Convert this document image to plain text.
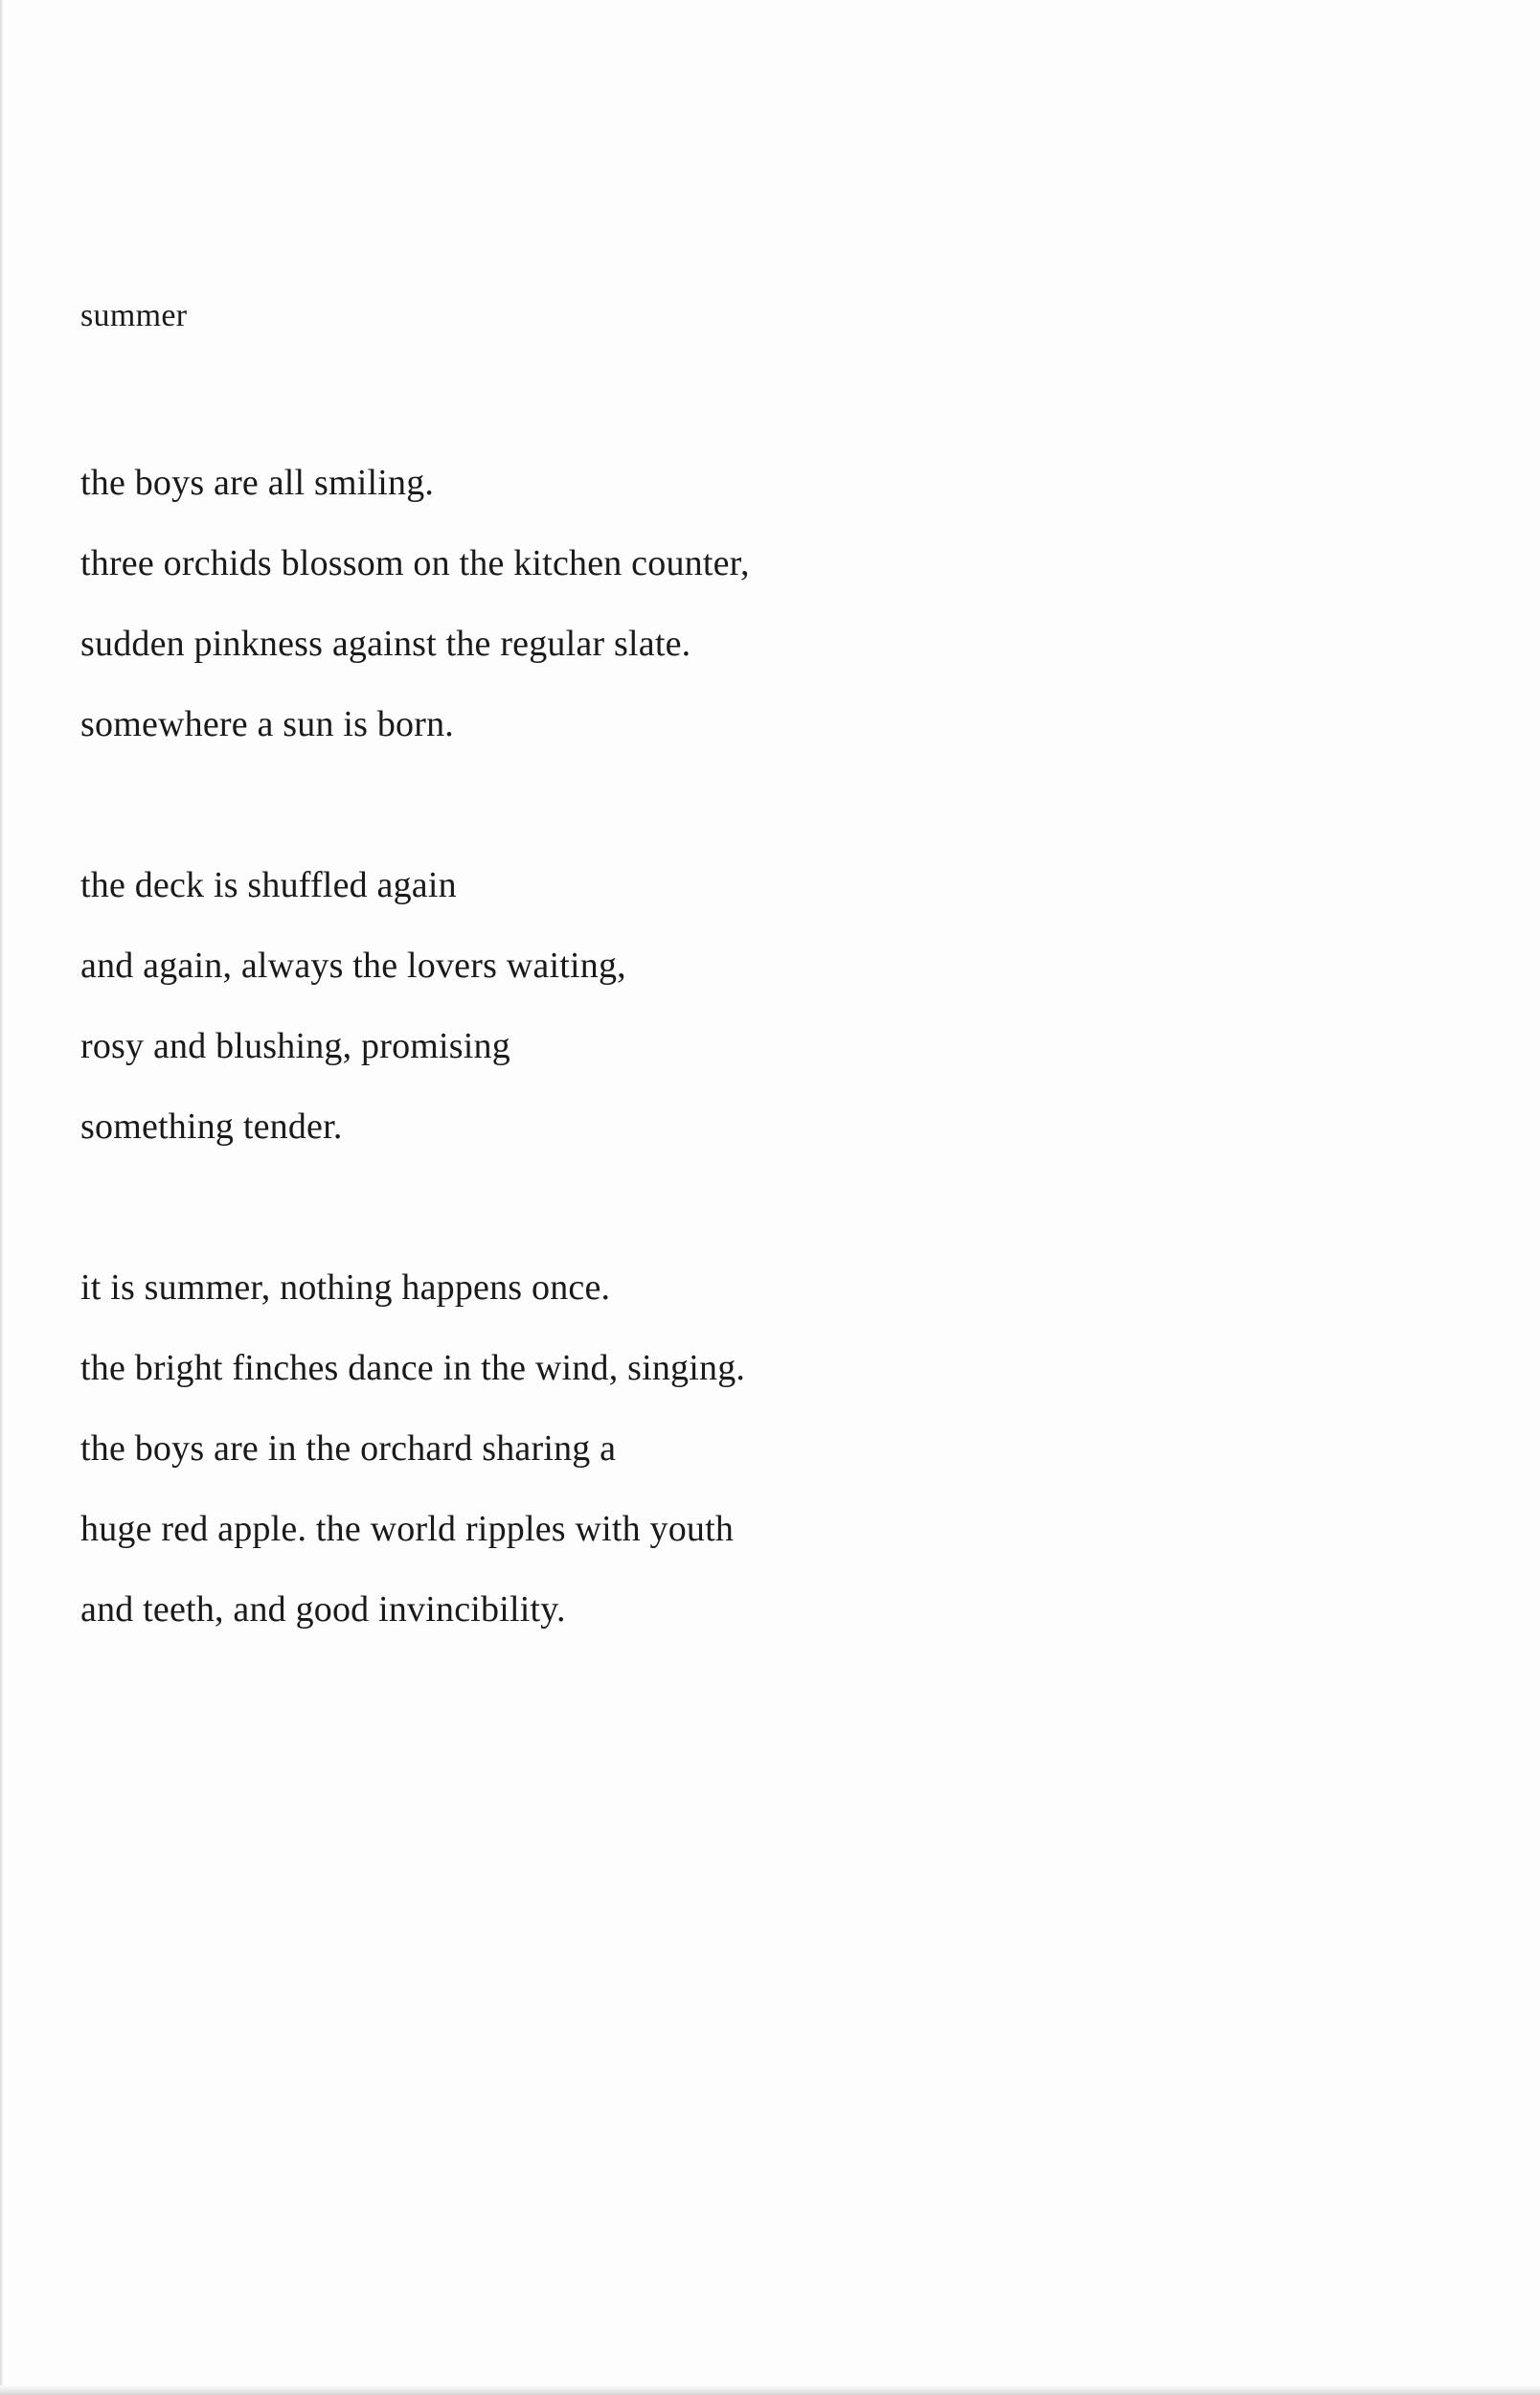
summer
the boys are all smiling.
three orchids blossom on the kitchen counter,
sudden pinkness against the regular slate.
somewhere a sun is born.
the deck is shuffled again
and again, always the lovers waiting,
rosy and blushing, promising
something tender.
it is summer, nothing happens once.
the bright finches dance in the wind, singing.
the boys are in the orchard sharing a
huge red apple. the world ripples with youth
and teeth, and good invincibility.
